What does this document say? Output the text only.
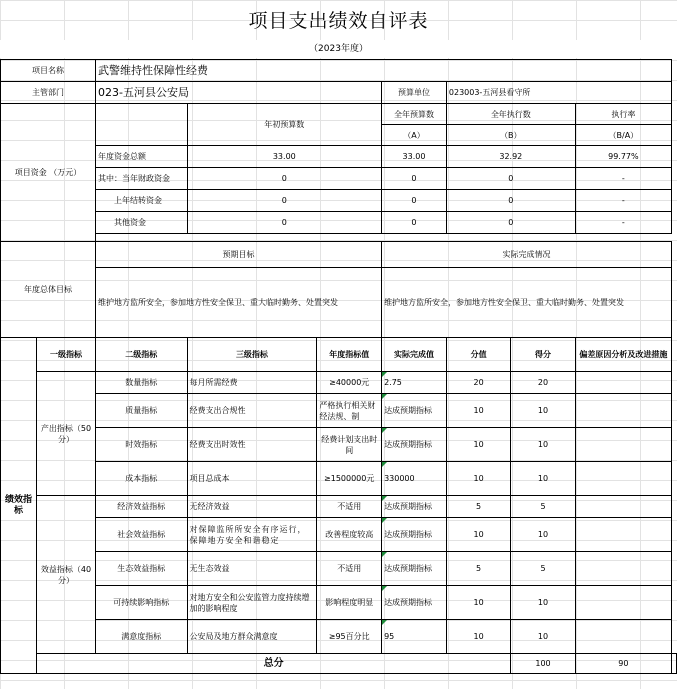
项目支出绩效自评表
（2023年度）
项目名称		武警维持性保障性经费							
主管部门		023-五河县公安局			预算单位	023003-五河县看守所			
项目资金 （万元）			年初预算数		全年预算数	全年执行数		执行率	
					（A）	（B）		（B/A）	
		年度资金总额	33.00		33.00	32.92		99.77%	
		其中：当年财政资金	0		0	0		-	
		上年结转资金	0		0	0		-	
		其他资金	0		0	0		-	

年度总体目标		预期目标			实际完成情况				
		维护地方监所安全，参加地方性安全保卫、重大临时勤务、处置突发			维护地方监所安全，参加地方性安全保卫、重大临时勤务、处置突发				
绩效指标	一级指标	二级指标	三级指标	年度指标值	实际完成值	分值	得分	偏差原因分析及改进措施	
	产出指标（50分）	数量指标	每月所需经费	≥40000元	2.75	20	20		
		质量指标	经费支出合规性	严格执行相关财经法规、制	达成预期指标	10	10		
		时效指标	经费支出时效性	经费计划支出时间	达成预期指标	10	10		
		成本指标	项目总成本	≥1500000元	330000	10	10		
	效益指标（40分）	经济效益指标	无经济效益	不适用	达成预期指标	5	5		
		社会效益指标	对保障监所所安全有序运行，保障地方安全和谐稳定	改善程度较高	达成预期指标	10	10		
		生态效益指标	无生态效益	不适用	达成预期指标	5	5		
		可持续影响指标	对地方安全和公安监管力度持续增加的影响程度	影响程度明显	达成预期指标	10	10		
		满意度指标	公安局及地方群众满意度	≥95百分比	95	10	10		
	总分						100	90	
